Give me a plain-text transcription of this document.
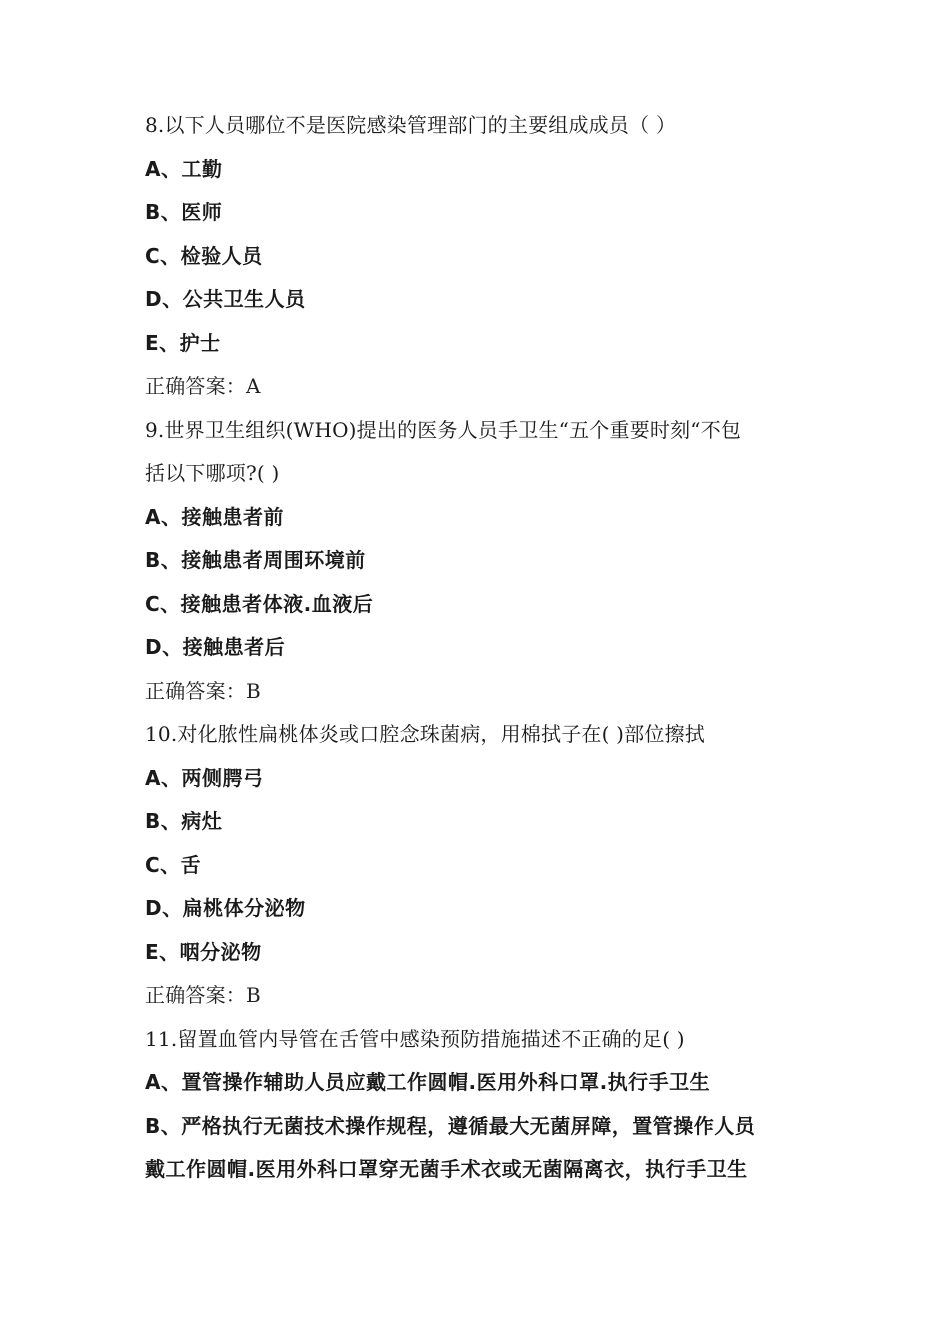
8.以下人员哪位不是医院感染管理部门的主要组成成员（ ）
A、工勤
B、医师
C、检验人员
D、公共卫生人员
E、护士
正确答案：A
9.世界卫生组织(WHO)提出的医务人员手卫生“五个重要时刻“不包
括以下哪项?( )
A、接触患者前
B、接触患者周围环境前
C、接触患者体液.血液后
D、接触患者后
正确答案：B
10.对化脓性扁桃体炎或口腔念珠菌病，用棉拭子在( )部位擦拭
A、两侧腭弓
B、病灶
C、舌
D、扁桃体分泌物
E、咽分泌物
正确答案：B
11.留置血管内导管在舌管中感染预防措施描述不正确的足( )
A、置管操作辅助人员应戴工作圆帽.医用外科口罩.执行手卫生
B、严格执行无菌技术操作规程，遵循最大无菌屏障，置管操作人员
戴工作圆帽.医用外科口罩穿无菌手术衣或无菌隔离衣，执行手卫生
